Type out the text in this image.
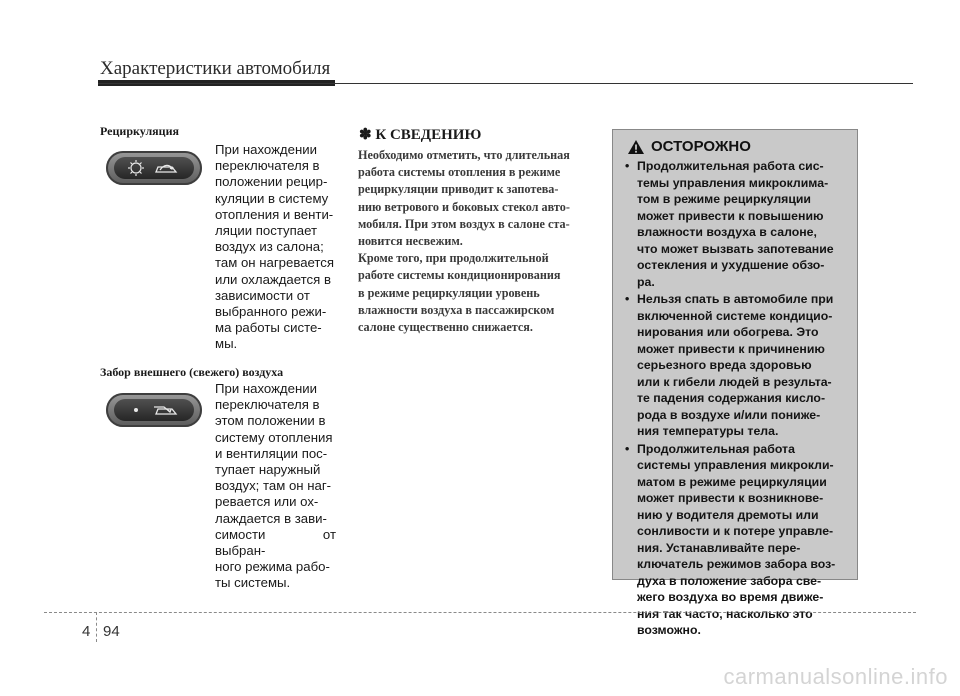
Характеристики автомобиля
Рециркуляция
При нахождении
переключателя в
положении рецир-
куляции в систему
отопления и венти-
ляции поступает
воздух из салона;
там он нагревается
или охлаждается в
зависимости от
выбранного режи-
ма работы систе-
мы.
Забор внешнего (свежего) воздуха
При нахождении
переключателя в
этом положении в
систему отопления
и вентиляции пос-
тупает наружный
воздух; там он наг-
ревается или ох-
лаждается в зави-
симости от выбран-
ного режима рабо-
ты системы.
✽ К СВЕДЕНИЮ
Необходимо отметить, что длительная
работа системы отопления в режиме
рециркуляции приводит к запотева-
нию ветрового и боковых стекол авто-
мобиля. При этом воздух в салоне ста-
новится несвежим.
Кроме того, при продолжительной
работе системы кондиционирования
в режиме рециркуляции уровень
влажности воздуха в пассажирском
салоне существенно снижается.
ОСТОРОЖНО
• Продолжительная работа сис-
темы управления микроклима-
том в режиме рециркуляции
может привести к повышению
влажности воздуха в салоне,
что может вызвать запотевание
остекления и ухудшение обзо-
ра.
• Нельзя спать в автомобиле при
включенной системе кондицио-
нирования или обогрева. Это
может привести к причинению
серьезного вреда здоровью
или к гибели людей в результа-
те падения содержания кисло-
рода в воздухе и/или пониже-
ния температуры тела.
• Продолжительная работа
системы управления микрокли-
матом в режиме рециркуляции
может привести к возникнове-
нию у водителя дремоты или
сонливости и к потере управле-
ния. Устанавливайте пере-
ключатель режимов забора воз-
духа в положение забора све-
жего воздуха во время движе-
ния так часто, насколько это
возможно.
4 94
carmanualsonline.info
